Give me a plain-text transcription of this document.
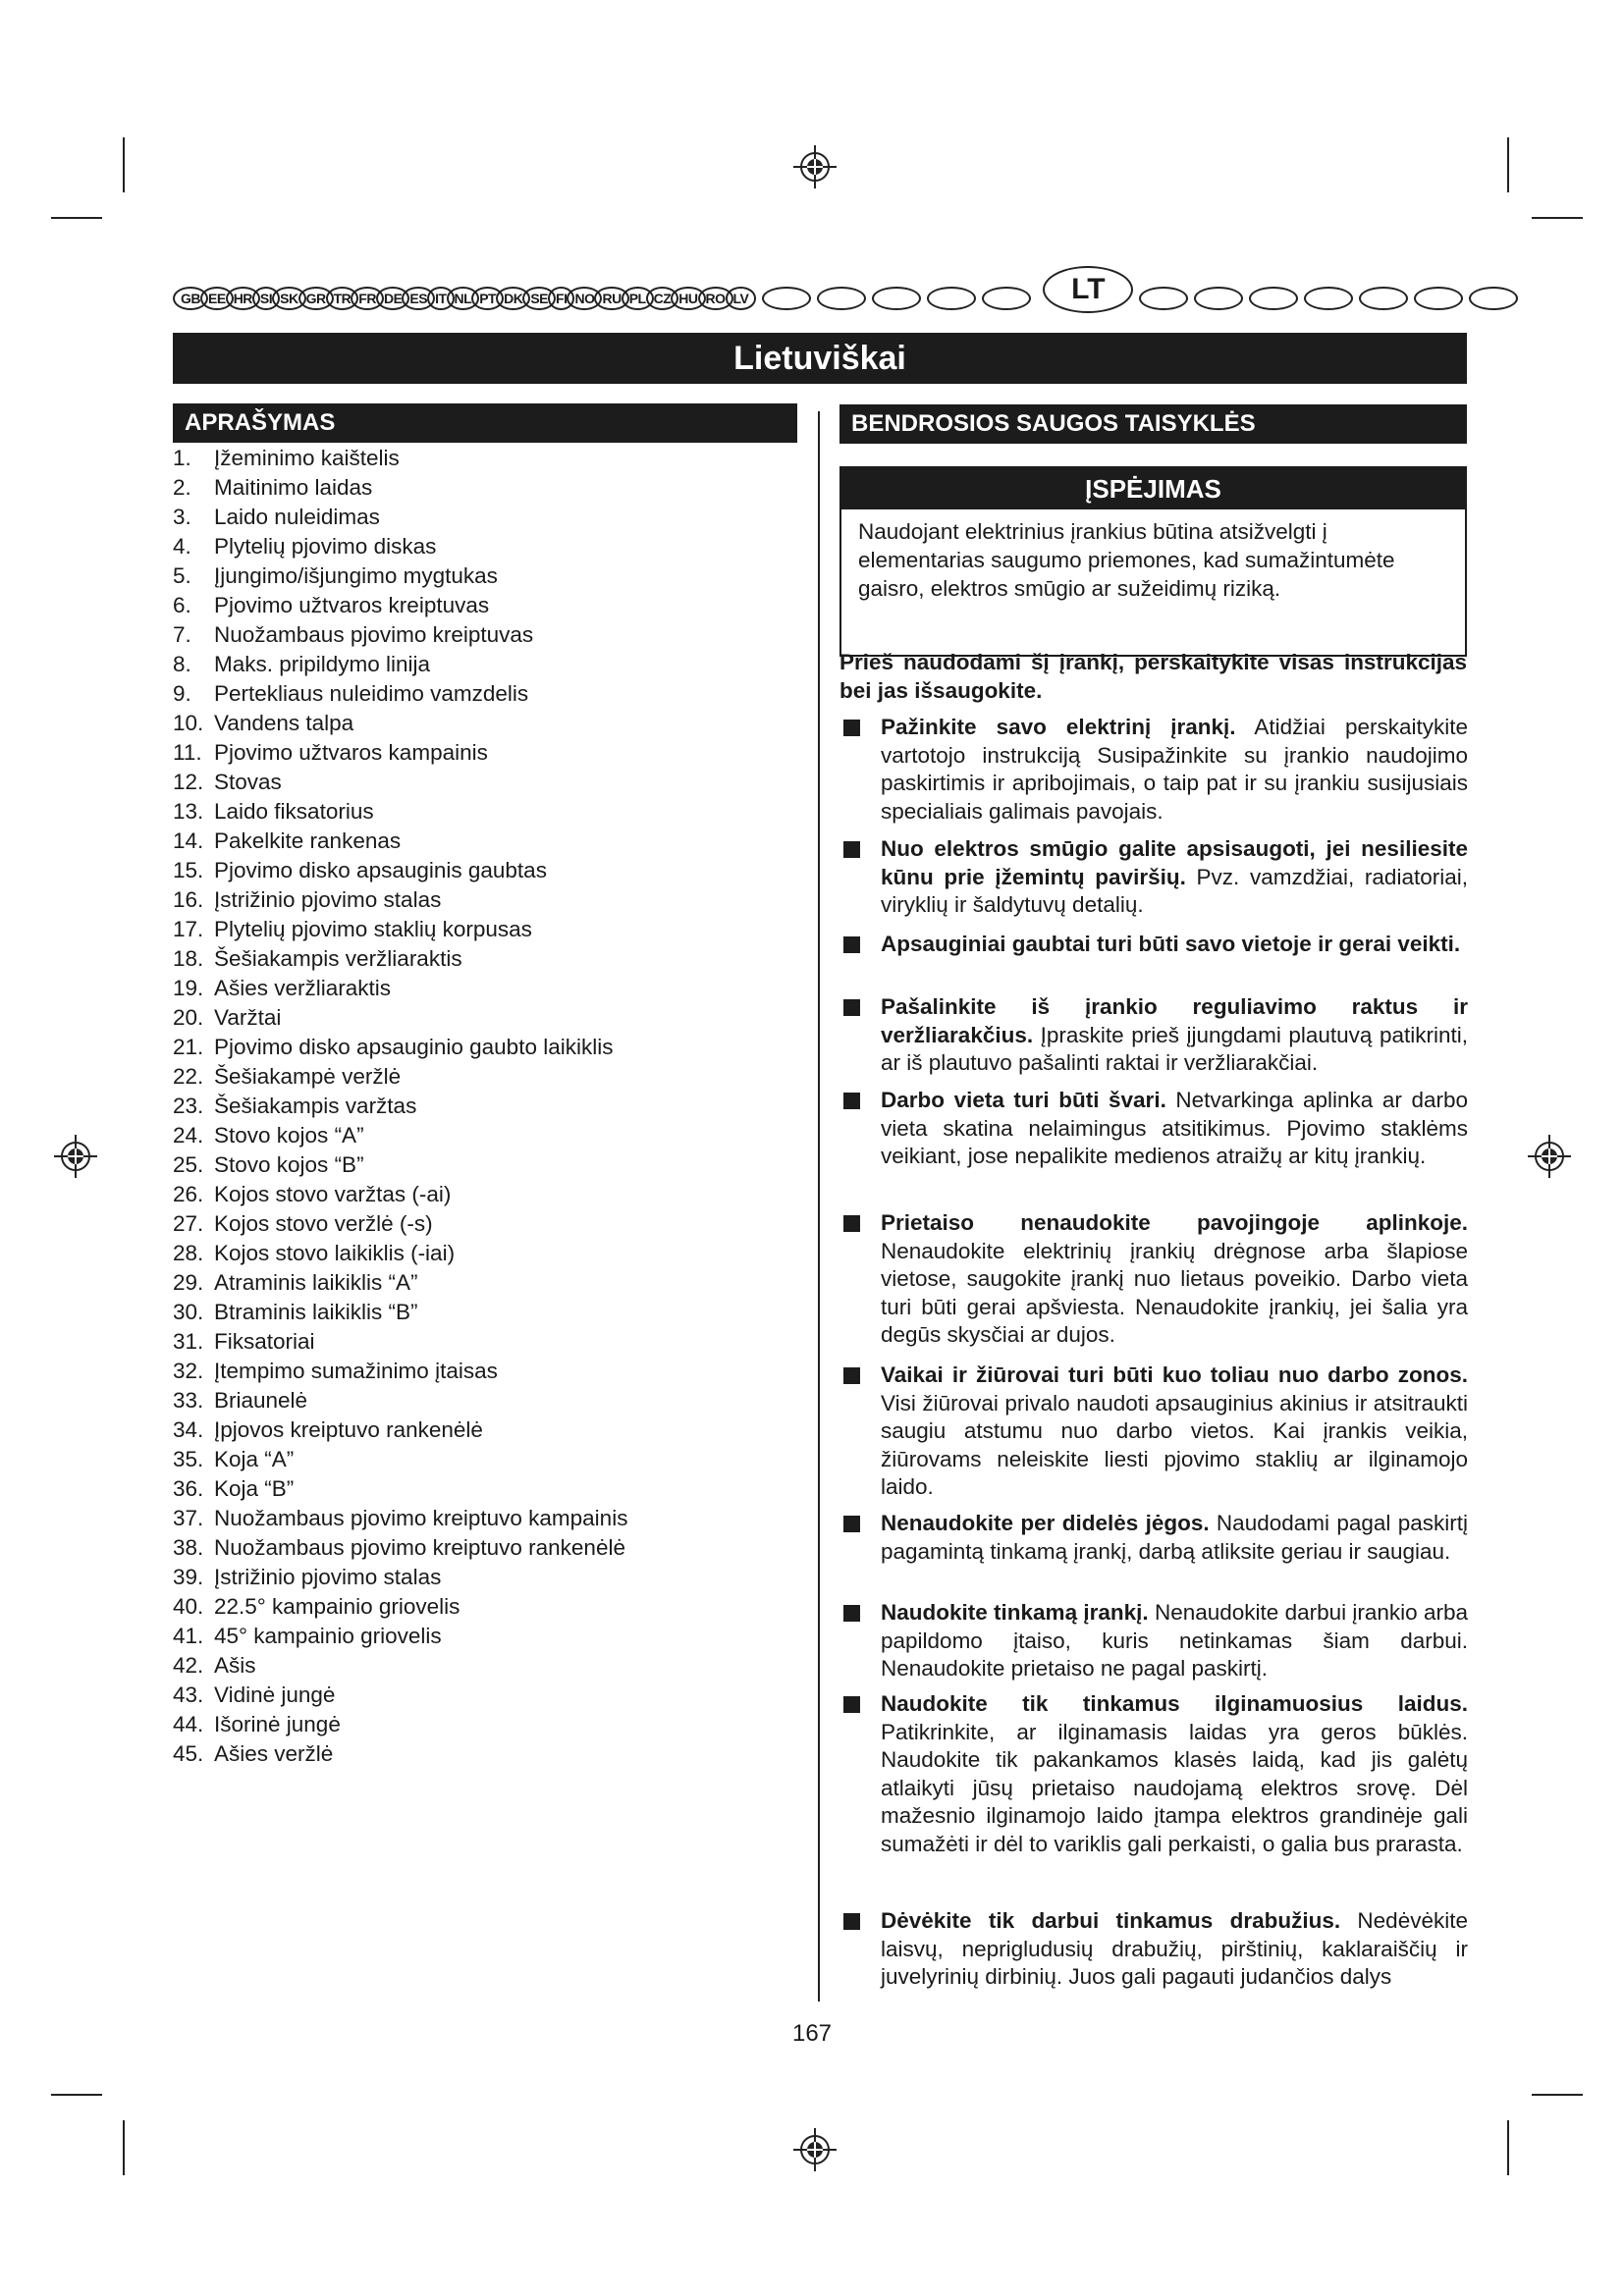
GB EE HR SI SK GR TR FR DE ES IT NL PT DK SE FI NO RU PL CZ HU RO LV	LT
Lietuviškai
APRAŠYMAS	BENDROSIOS SAUGOS TAISYKLĖS
1.	Įžeminimo kaištelis
2.	Maitinimo laidas
3.	Laido nuleidimas
4.	Plytelių pjovimo diskas
5.	Įjungimo/išjungimo mygtukas
6.	Pjovimo užtvaros kreiptuvas
7.	Nuožambaus pjovimo kreiptuvas
8.	Maks. pripildymo linija
9.	Pertekliaus nuleidimo vamzdelis
10. Vandens talpa
11. Pjovimo užtvaros kampainis
12. Stovas
13. Laido fiksatorius
14. Pakelkite rankenas
15. Pjovimo disko apsauginis gaubtas
16. Įstrižinio pjovimo stalas
17. Plytelių pjovimo staklių korpusas
18. Šešiakampis veržliaraktis
19. Ašies veržliaraktis
20. Varžtai
21. Pjovimo disko apsauginio gaubto laikiklis
22. Šešiakampė veržlė
23. Šešiakampis varžtas
24. Stovo kojos “A”
25. Stovo kojos “B”
26. Kojos stovo varžtas (-ai)
27. Kojos stovo veržlė (-s)
28. Kojos stovo laikiklis (-iai)
29. Atraminis laikiklis “A”
30. Btraminis laikiklis “B”
31. Fiksatoriai
32. Įtempimo sumažinimo įtaisas
33. Briaunelė
34. Įpjovos kreiptuvo rankenėlė
35. Koja “A”
36. Koja “B”
37. Nuožambaus pjovimo kreiptuvo kampainis
38. Nuožambaus pjovimo kreiptuvo rankenėlė
39. Įstrižinio pjovimo stalas
40. 22.5° kampainio griovelis
41. 45° kampainio griovelis
42. Ašis
43. Vidinė jungė
44. Išorinė jungė
45. Ašies veržlė
ĮSPĖJIMAS
Naudojant elektrinius įrankius būtina atsižvelgti į elementarias saugumo priemones, kad sumažintumėte gaisro, elektros smūgio ar sužeidimų riziką.
Prieš naudodami šį įrankį, perskaitykite visas instrukcijas bei jas išsaugokite.
Pažinkite savo elektrinį įrankį. Atidžiai perskaitykite vartotojo instrukciją Susipažinkite su įrankio naudojimo paskirtimis ir apribojimais, o taip pat ir su įrankiu susijusiais specialiais galimais pavojais.
Nuo elektros smūgio galite apsisaugoti, jei nesiliesite kūnu prie įžemintų paviršių. Pvz. vamzdžiai, radiatoriai, viryklių ir šaldytuvų detalių.
Apsauginiai gaubtai turi būti savo vietoje ir gerai veikti.
Pašalinkite iš įrankio reguliavimo raktus ir veržliarakčius. Įpraskite prieš įjungdami plautuvą patikrinti, ar iš plautuvo pašalinti raktai ir veržliarakčiai.
Darbo vieta turi būti švari. Netvarkinga aplinka ar darbo vieta skatina nelaimingus atsitikimus. Pjovimo staklėms veikiant, jose nepalikite medienos atraižų ar kitų įrankių.
Prietaiso nenaudokite pavojingoje aplinkoje. Nenaudokite elektrinių įrankių drėgnose arba šlapiose vietose, saugokite įrankį nuo lietaus poveikio. Darbo vieta turi būti gerai apšviesta. Nenaudokite įrankių, jei šalia yra degūs skysčiai ar dujos.
Vaikai ir žiūrovai turi būti kuo toliau nuo darbo zonos. Visi žiūrovai privalo naudoti apsauginius akinius ir atsitraukti saugiu atstumu nuo darbo vietos. Kai įrankis veikia, žiūrovams neleiskite liesti pjovimo staklių ar ilginamojo laido.
Nenaudokite per didelės jėgos. Naudodami pagal paskirtį pagamintą tinkamą įrankį, darbą atliksite geriau ir saugiau.
Naudokite tinkamą įrankį. Nenaudokite darbui įrankio arba papildomo įtaiso, kuris netinkamas šiam darbui. Nenaudokite prietaiso ne pagal paskirtį.
Naudokite tik tinkamus ilginamuosius laidus. Patikrinkite, ar ilginamasis laidas yra geros būklės. Naudokite tik pakankamos klasės laidą, kad jis galėtų atlaikyti jūsų prietaiso naudojamą elektros srovę. Dėl mažesnio ilginamojo laido įtampa elektros grandinėje gali sumažėti ir dėl to variklis gali perkaisti, o galia bus prarasta.
Dėvėkite tik darbui tinkamus drabužius. Nedėvėkite laisvų, neprigludusių drabužių, pirštinių, kaklaraiščių ir juvelyrinių dirbinių. Juos gali pagauti judančios dalys
167
